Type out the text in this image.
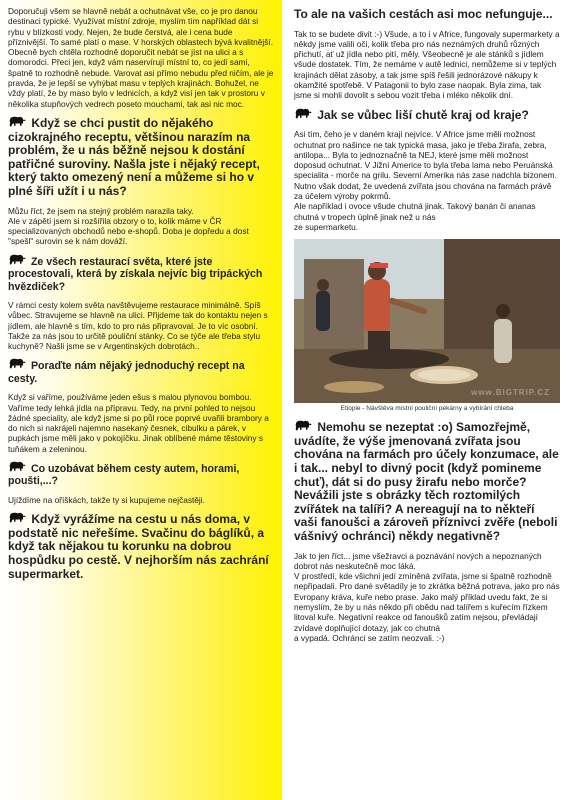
Doporučuji všem se hlavně nebát a ochutnávat vše, co je pro danou destinaci typické. Využívat místní zdroje, myslím tím například dát si rybu v blízkosti vody. Nejen, že bude čerstvá, ale i cena bude příznivější. To samé platí o mase. V horských oblastech bývá kvalitnější. Obecně bych chtěla rozhodně doporučit nebát se jíst na ulici a s domorodci. Přeci jen, když vám naservírují místní to, co jedí sami, špatně to rozhodně nebude. Varovat asi přímo nebudu před ničím, ale je pravda, že je lepší se vyhýbat masu v teplých krajinách. Bohužel, ne vždy platí, že by maso bylo v lednicích, a když visí jen tak v prostoru v několika stupňových vedrech poseto mouchami, tak asi nic moc.

Když se chci pustit do nějakého cizokrajného receptu, většinou narazím na problém, že u nás běžně nejsou k dostání patřičné suroviny. Našla jste i nějaký recept, který takto omezený není a můžeme si ho v plné šíři užít i u nás?

Můžu říct, že jsem na stejný problém narazila taky.
Ale v zápětí jsem si rozšířila obzory o to, kolik máme v ČR specializovaných obchodů nebo e-shopů. Doba je dopředu a dost "spešl" surovin se k nám dováží.

Ze všech restaurací světa, které jste procestovali, která by získala nejvíc big tripáckých hvězdiček?

V rámci cesty kolem světa navštěvujeme restaurace minimálně. Spíš vůbec. Stravujeme se hlavně na ulici. Přijdeme tak do kontaktu nejen s jídlem, ale hlavně s tím, kdo to pro nás připravoval. Je to víc osobní. Takže za nás jsou to určitě pouliční stánky. Co se týče ale třeba stylu kuchyně? Našli jsme se v Argentinských dobrotách..

Poraďte nám nějaký jednoduchý recept na cesty.

Když si vaříme, používáme jeden ešus s malou plynovou bombou. Vaříme tedy lehká jídla na přípravu. Tedy, na první pohled to nejsou žádné speciality, ale když jsme si po půl roce poprvé uvařili brambory a do nich si nakrájeli najemno nasekaný česnek, cibulku a párek, v pupkách jsme měli jako v pokojíčku. Jinak oblíbené máme těstoviny s tuňákem a zeleninou.

Co uzobávat během cesty autem, horami, poušti,...?

Ujíždíme na oříškách, takže ty si kupujeme nejčastěji.

Když vyrážíme na cestu u nás doma, v podstatě nic neřešíme. Svačinu do báglíků, a když tak nějakou tu korunku na dobrou hospůdku po cestě. V nejhorším nás zachrání supermarket.

To ale na vašich cestách asi moc nefunguje...

Tak to se budete divit :-) Všude, a to i v Africe, fungovaly supermarkety a někdy jsme valili oči, kolik třeba pro nás neznámých druhů různých přichutí, ať už jídla nebo pití, měly. Všeobecně je ale stánků s jídlem všude dostatek. Tím, že nemáme v autě lednici, nemůžeme si v teplých krajinách dělat zásoby, a tak jsme spíš řešili jednorázové nákupy k okamžité spotřebě. V Patagonii to bylo zase naopak. Byla zima, tak jsme si mohli dovolit s sebou vozit třeba i mléko několik dní.

Jak se vůbec liší chutě kraj od kraje?

Asi tím, čeho je v daném kraji nejvíce. V Africe jsme měli možnost ochutnat pro našince ne tak typická masa, jako je třeba žirafa, zebra, antilopa... Byla to jednoznačně ta NEJ, které jsme měli možnost doposud ochutnat. V Jižní Americe to byla třeba lama nebo Peruánská specialita - morče na grilu. Severní Amerika nás zase nadchla bizonem. Nutno však dodat, že uvedená zvířata jsou chována na farmách právě za účelem výroby pokrmů.
Ale například i ovoce všude chutná jinak. Takový banán či ananas chutná v tropech úplně jinak než u nás
ze supermarketu.

www.BIGTRIP.CZ

Etiopie - Návštěva místní pouliční pekárny a vybírání chleba

Nemohu se nezeptat :o) Samozřejmě, uvádíte, že výše jmenovaná zvířata jsou chována na farmách pro účely konzumace, ale i tak... nebyl to divný pocit (když pomineme chuť), dát si do pusy žirafu nebo morče? Nevážili jste s obrázky těch roztomilých zvířátek na talíři? A nereagují na to někteří vaši fanoušci a zároveň příznivci zvěře (neboli vášnivý ochránci) někdy negativně?

Jak to jen říct... jsme všežravci a poznávání nových a nepoznaných dobrot nás neskutečně moc láká.
V prostředí, kde všichni jedí zmíněná zvířata, jsme si špatně rozhodně nepřipadali. Pro dané světadíly je to zkrátka běžná potrava, jako pro nás Evropany kráva, kuře nebo prase. Jako malý příklad uvedu fakt, že si nemyslím, že by u nás někdo při obědu nad talířem s kuřecím řízkem litoval kuře. Negativní reakce od fanoušků zatím nejsou, převládají zvídavé doplňující dotazy, jak co chutná
a vypadá. Ochránci se zatím neozvali. :-)
